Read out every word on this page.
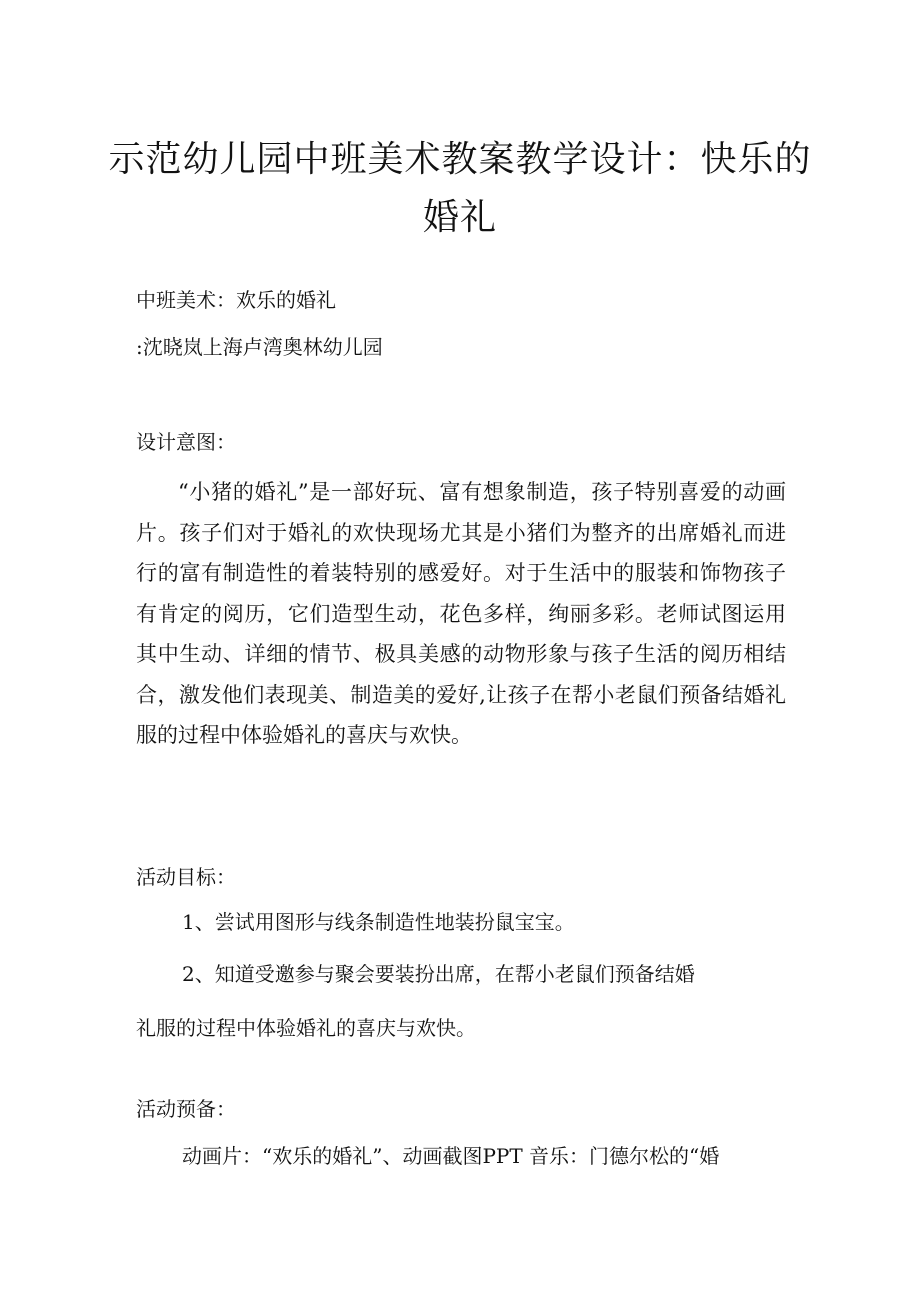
示范幼儿园中班美术教案教学设计：快乐的
婚礼

中班美术：欢乐的婚礼

:沈晓岚上海卢湾奥林幼儿园

设计意图：

“小猪的婚礼”是一部好玩、富有想象制造，孩子特别喜爱的动画片。孩子们对于婚礼的欢快现场尤其是小猪们为整齐的出席婚礼而进行的富有制造性的着装特别的感爱好。对于生活中的服装和饰物孩子有肯定的阅历，它们造型生动，花色多样，绚丽多彩。老师试图运用其中生动、详细的情节、极具美感的动物形象与孩子生活的阅历相结合，激发他们表现美、制造美的爱好,让孩子在帮小老鼠们预备结婚礼服的过程中体验婚礼的喜庆与欢快。

活动目标：

1、尝试用图形与线条制造性地装扮鼠宝宝。

2、知道受邀参与聚会要装扮出席，在帮小老鼠们预备结婚

礼服的过程中体验婚礼的喜庆与欢快。

活动预备：

动画片：“欢乐的婚礼”、动画截图PPT 音乐：门德尔松的“婚
